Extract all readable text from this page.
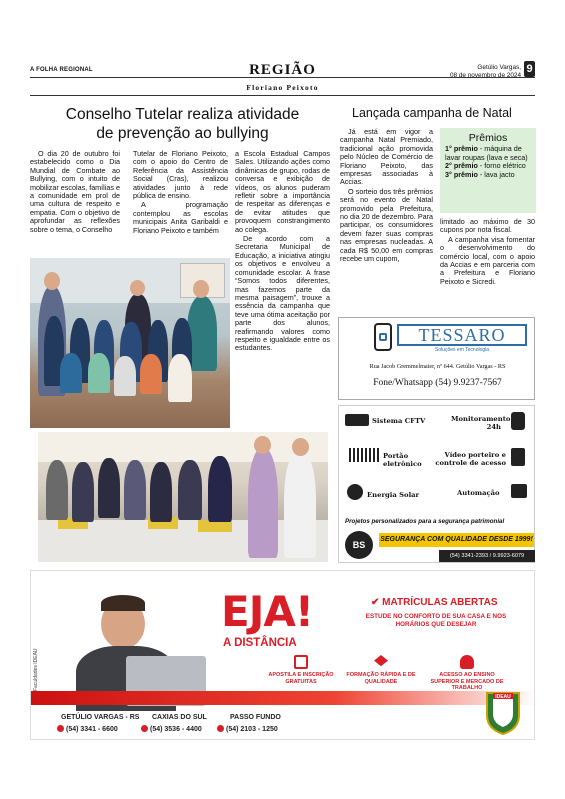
A FOLHA REGIONAL	REGIÃO	Getúlio Vargas,
08 de novembro de 2024 9
Floriano Peixoto
Conselho Tutelar realiza atividade
de prevenção ao bullying

O dia 20 de outubro foi estabelecido como o Dia Mundial de Combate ao Bullying, com o intuito de mobilizar escolas, famílias e a comunidade em prol de uma cultura de respeito e empatia. Com o objetivo de aprofundar as reflexões sobre o tema, o Conselho

Tutelar de Floriano Peixoto, com o apoio do Centro de Referência da Assistência Social (Cras), realizou atividades junto à rede pública de ensino.

A programação contemplou as escolas municipais Anita Garibaldi e Floriano Peixoto e também

a Escola Estadual Campos Sales. Utilizando ações como dinâmicas de grupo, rodas de conversa e exibição de vídeos, os alunos puderam refletir sobre a importância de respeitar as diferenças e de evitar atitudes que provoquem constrangimento ao colega.

De acordo com a Secretaria Municipal de Educação, a iniciativa atingiu os objetivos e envolveu a comunidade escolar. A frase “Somos todos diferentes, mas fazemos parte da mesma paisagem”, trouxe a essência da campanha que teve uma ótima aceitação por parte dos alunos, reafirmando valores como respeito e igualdade entre os estudantes.

Lançada campanha de Natal

Já está em vigor a campanha Natal Premiado, tradicional ação promovida pelo Núcleo de Comércio de Floriano Peixoto, das empresas associadas à Accias.

O sorteio dos três prêmios será no evento de Natal promovido pela Prefeitura, no dia 20 de dezembro. Para participar, os consumidores devem fazer suas compras nas empresas nucleadas. A cada R$ 50,00 em compras recebe um cupom,

Prêmios
1° prêmio - máquina de lavar roupas (lava e seca)
2° prêmio - forno elétrico
3° prêmio - lava jacto

limitado ao máximo de 30 cupons por nota fiscal.

A campanha visa fomentar o desenvolvimento do comércio local, com o apoio da Accias e em parceria com a Prefeitura e Floriano Peixoto e Sicredi.

TESSARO
Soluções em Tecnologia
Rua Jacob Gremmelmaier, nº 644. Getúlio Vargas - RS
Fone/Whatsapp (54) 9.9237-7567
Sistema CFTV	Monitoramento 24h
Portão eletrônico
Vídeo porteiro e controle de acesso
Energia Solar	Automação
Projetos personalizados para a segurança patrimonial
BS
SEGURANÇA COM QUALIDADE DESDE 1999!
(54) 3341-2393 / 9.9923-6079
Faculdades IDEAU
EJA!
A DISTÂNCIA
✔ MATRÍCULAS ABERTAS
ESTUDE NO CONFORTO DE SUA CASA E NOS HORÁRIOS QUE DESEJAR
APOSTILA E INSCRIÇÃO GRATUITAS
FORMAÇÃO RÁPIDA E DE QUALIDADE
ACESSO AO ENSINO SUPERIOR E MERCADO DE TRABALHO
GETÚLIO VARGAS - RS
(54) 3341 - 6600
CAXIAS DO SUL
(54) 3536 - 4400
PASSO FUNDO
(54) 2103 - 1250
IDEAU
